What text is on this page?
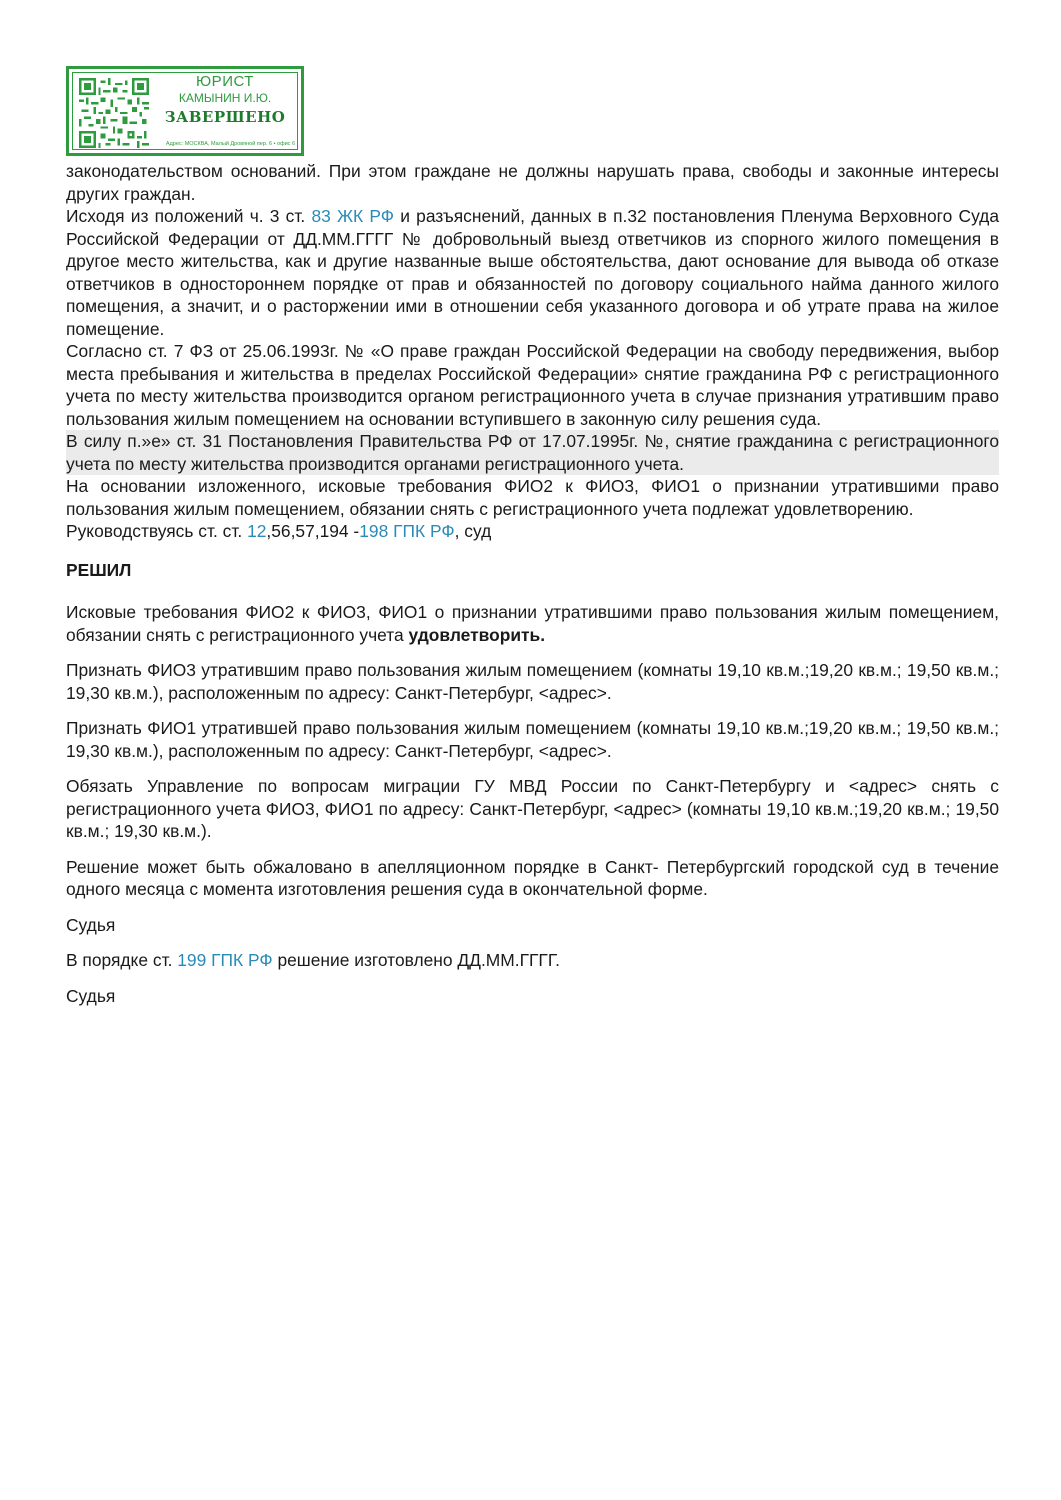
ЮРИСТ
КАМЫНИН И.Ю.
ЗАВЕРШЕНО
Адрес: МОСКВА, Малый Дровяной пер. 6 • офис 6

законодательством оснований. При этом граждане не должны нарушать права, свободы и законные интересы других граждан.

Исходя из положений ч. 3 ст. 83 ЖК РФ и разъяснений, данных в п.32 постановления Пленума Верховного Суда Российской Федерации от ДД.ММ.ГГГГ № добровольный выезд ответчиков из спорного жилого помещения в другое место жительства, как и другие названные выше обстоятельства, дают основание для вывода об отказе ответчиков в одностороннем порядке от прав и обязанностей по договору социального найма данного жилого помещения, а значит, и о расторжении ими в отношении себя указанного договора и об утрате права на жилое помещение.

Согласно ст. 7 ФЗ от 25.06.1993г. № «О праве граждан Российской Федерации на свободу передвижения, выбор места пребывания и жительства в пределах Российской Федерации» снятие гражданина РФ с регистрационного учета по месту жительства производится органом регистрационного учета в случае признания утратившим право пользования жилым помещением на основании вступившего в законную силу решения суда.

В силу п.»е» ст. 31 Постановления Правительства РФ от 17.07.1995г. №, снятие гражданина с регистрационного учета по месту жительства производится органами регистрационного учета.

На основании изложенного, исковые требования ФИО2 к ФИО3, ФИО1 о признании утратившими право пользования жилым помещением, обязании снять с регистрационного учета подлежат удовлетворению.

Руководствуясь ст. ст. 12,56,57,194 -198 ГПК РФ, суд

РЕШИЛ

Исковые требования ФИО2 к ФИО3, ФИО1 о признании утратившими право пользования жилым помещением, обязании снять с регистрационного учета удовлетворить.

Признать ФИО3 утратившим право пользования жилым помещением (комнаты 19,10 кв.м.;19,20 кв.м.; 19,50 кв.м.; 19,30 кв.м.), расположенным по адресу: Санкт-Петербург, <адрес>.

Признать ФИО1 утратившей право пользования жилым помещением (комнаты 19,10 кв.м.;19,20 кв.м.; 19,50 кв.м.; 19,30 кв.м.), расположенным по адресу: Санкт-Петербург, <адрес>.

Обязать Управление по вопросам миграции ГУ МВД России по Санкт-Петербургу и <адрес> снять с регистрационного учета ФИО3, ФИО1 по адресу: Санкт-Петербург, <адрес> (комнаты 19,10 кв.м.;19,20 кв.м.; 19,50 кв.м.; 19,30 кв.м.).

Решение может быть обжаловано в апелляционном порядке в Санкт- Петербургский городской суд в течение одного месяца с момента изготовления решения суда в окончательной форме.

Судья

В порядке ст. 199 ГПК РФ решение изготовлено ДД.ММ.ГГГГ.

Судья
